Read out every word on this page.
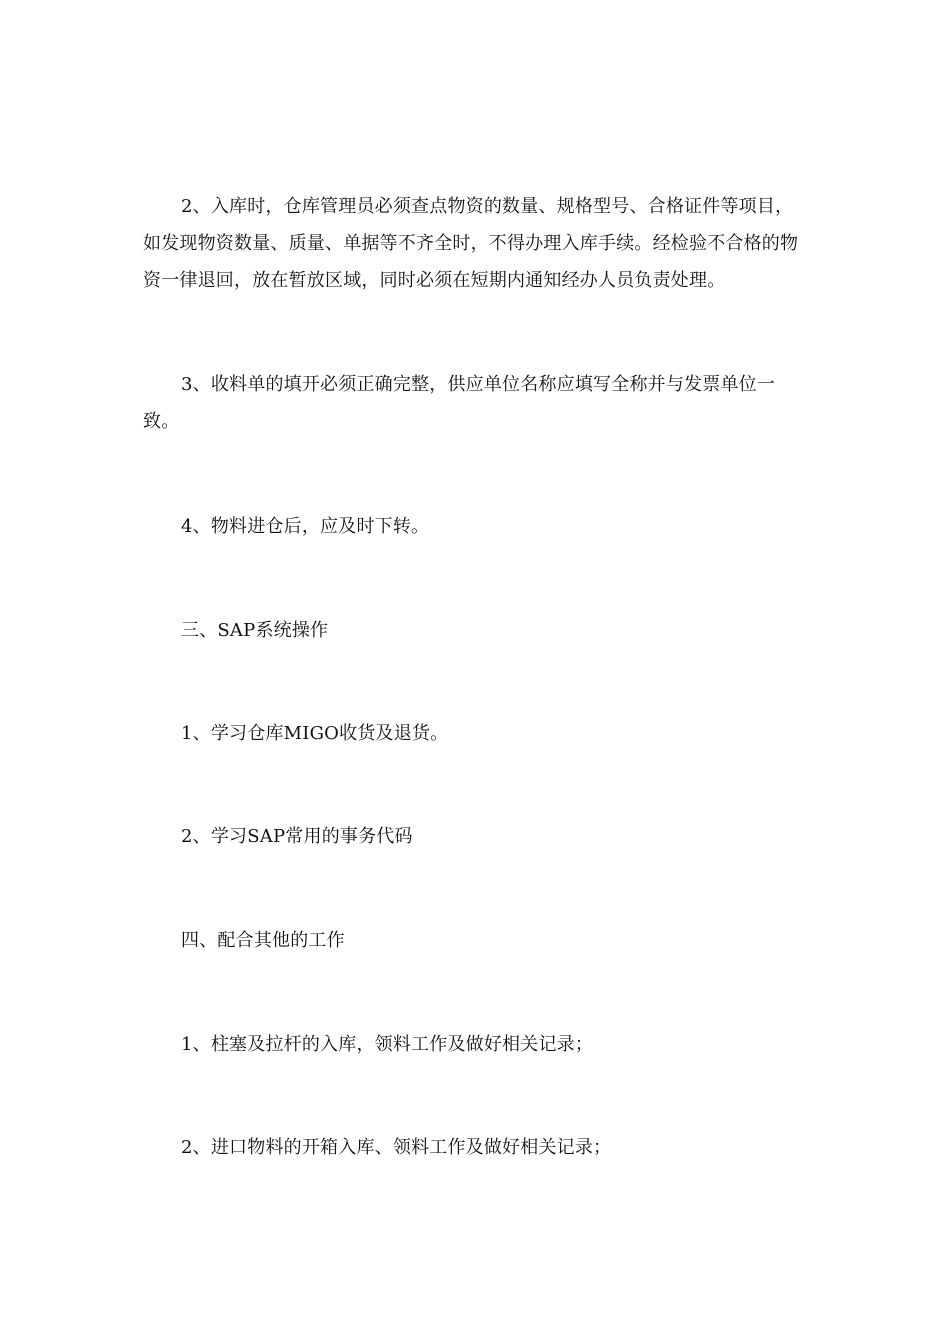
2、入库时，仓库管理员必须查点物资的数量、规格型号、合格证件等项目，如发现物资数量、质量、单据等不齐全时，不得办理入库手续。经检验不合格的物资一律退回，放在暂放区域，同时必须在短期内通知经办人员负责处理。

3、收料单的填开必须正确完整，供应单位名称应填写全称并与发票单位一致。

4、物料进仓后，应及时下转。

三、SAP系统操作

1、学习仓库MIGO收货及退货。

2、学习SAP常用的事务代码

四、配合其他的工作

1、柱塞及拉杆的入库，领料工作及做好相关记录；

2、进口物料的开箱入库、领料工作及做好相关记录；
